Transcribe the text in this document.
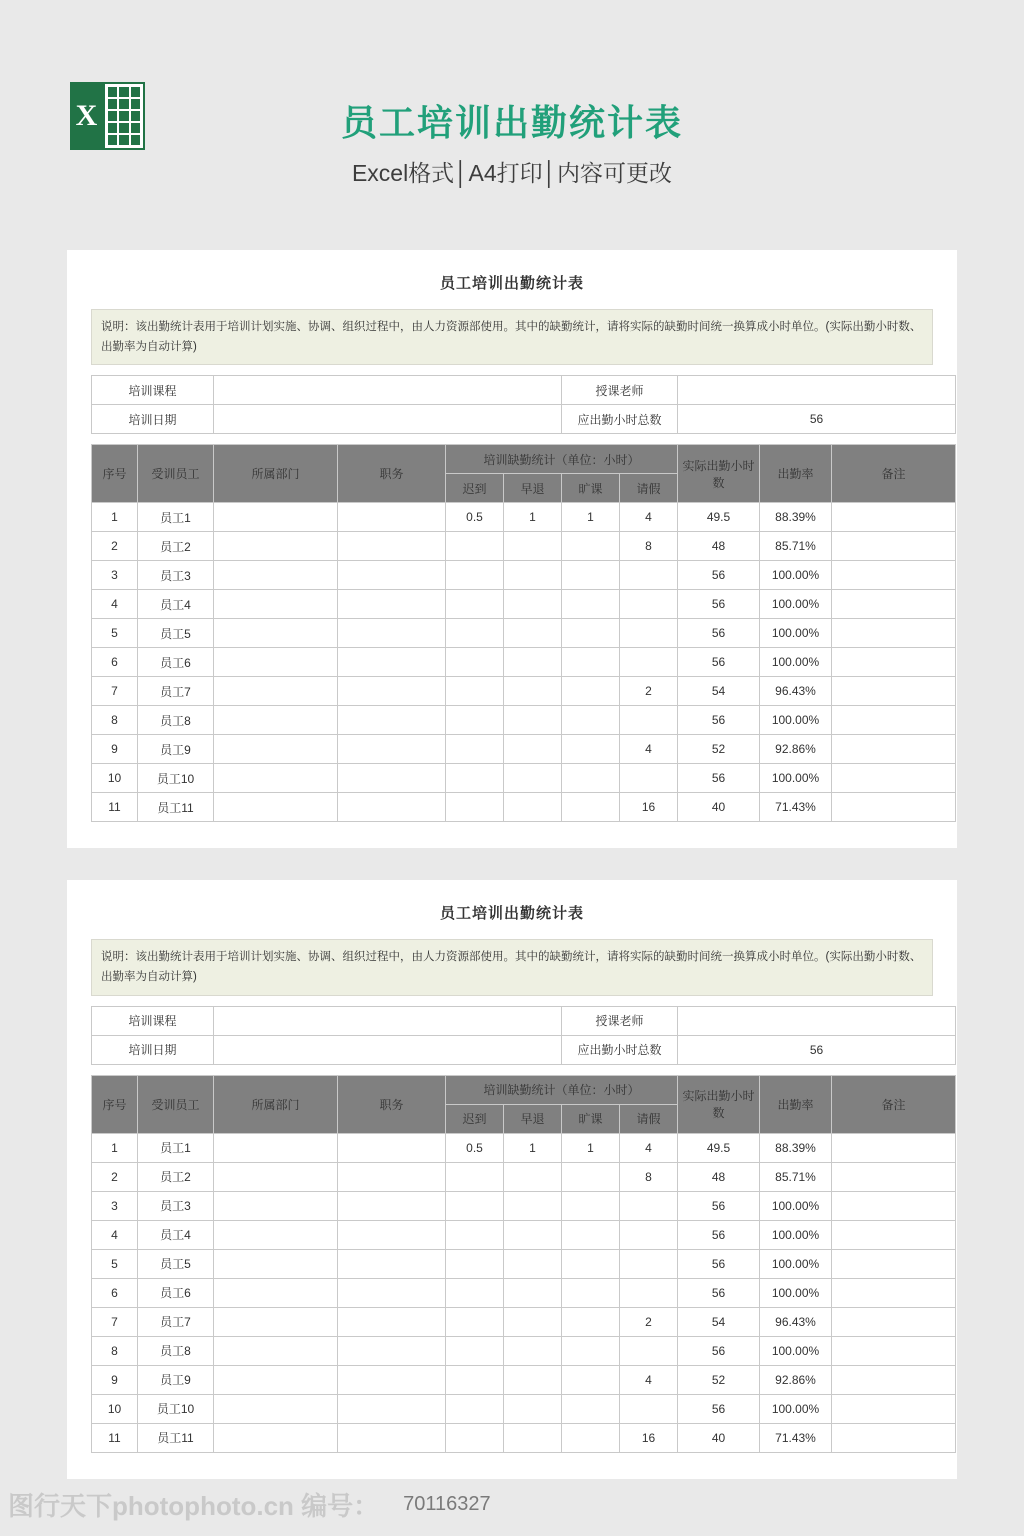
X	员工培训出勤统计表
Excel格式│A4打印│内容可更改
员工培训出勤统计表
说明：该出勤统计表用于培训计划实施、协调、组织过程中，由人力资源部使用。其中的缺勤统计，请将实际的缺勤时间统一换算成小时单位。(实际出勤小时数、出勤率为自动计算)
培训课程		授课老师	
培训日期		应出勤小时总数	56
序号	受训员工	所属部门	职务	培训缺勤统计（单位：小时）				实际出勤小时数	出勤率	备注
				迟到	早退	旷课	请假			
1	员工1			0.5	1	1	4	49.5	88.39%	
2	员工2						8	48	85.71%	
3	员工3							56	100.00%	
4	员工4							56	100.00%	
5	员工5							56	100.00%	
6	员工6							56	100.00%	
7	员工7						2	54	96.43%	
8	员工8							56	100.00%	
9	员工9						4	52	92.86%	
10	员工10							56	100.00%	
11	员工11						16	40	71.43%	
员工培训出勤统计表
说明：该出勤统计表用于培训计划实施、协调、组织过程中，由人力资源部使用。其中的缺勤统计，请将实际的缺勤时间统一换算成小时单位。(实际出勤小时数、出勤率为自动计算)
培训课程		授课老师	
培训日期		应出勤小时总数	56
序号	受训员工	所属部门	职务	培训缺勤统计（单位：小时）				实际出勤小时数	出勤率	备注
				迟到	早退	旷课	请假			
1	员工1			0.5	1	1	4	49.5	88.39%	
2	员工2						8	48	85.71%	
3	员工3							56	100.00%	
4	员工4							56	100.00%	
5	员工5							56	100.00%	
6	员工6							56	100.00%	
7	员工7						2	54	96.43%	
8	员工8							56	100.00%	
9	员工9						4	52	92.86%	
10	员工10							56	100.00%	
11	员工11						16	40	71.43%	
图行天下photophoto.cn 编号： 70116327
